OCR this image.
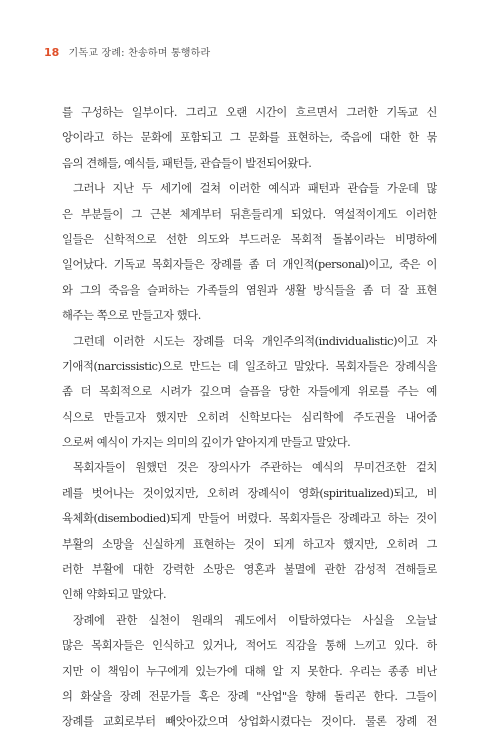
18 기독교 장례: 찬송하며 통행하라
를 구성하는 일부이다. 그리고 오랜 시간이 흐르면서 그러한 기독교 신
앙이라고 하는 문화에 포함되고 그 문화를 표현하는, 죽음에 대한 한 묶
음의 견해들, 예식들, 패턴들, 관습들이 발전되어왔다.
그러나 지난 두 세기에 걸쳐 이러한 예식과 패턴과 관습들 가운데 많
은 부분들이 그 근본 체계부터 뒤흔들리게 되었다. 역설적이게도 이러한
일들은 신학적으로 선한 의도와 부드러운 목회적 돌봄이라는 비명하에
일어났다. 기독교 목회자들은 장례를 좀 더 개인적(personal)이고, 죽은 이
와 그의 죽음을 슬퍼하는 가족들의 염원과 생활 방식들을 좀 더 잘 표현
해주는 쪽으로 만들고자 했다.
그런데 이러한 시도는 장례를 더욱 개인주의적(individualistic)이고 자
기애적(narcissistic)으로 만드는 데 일조하고 말았다. 목회자들은 장례식을
좀 더 목회적으로 시려가 깊으며 슬픔을 당한 자들에게 위로를 주는 예
식으로 만들고자 했지만 오히려 신학보다는 심리학에 주도권을 내어줌
으로써 예식이 가지는 의미의 깊이가 얕아지게 만들고 말았다.
목회자들이 원했던 것은 장의사가 주관하는 예식의 무미건조한 겉치
레를 벗어나는 것이었지만, 오히려 장례식이 영화(spiritualized)되고, 비
육체화(disembodied)되게 만들어 버렸다. 목회자들은 장례라고 하는 것이
부활의 소망을 신실하게 표현하는 것이 되게 하고자 했지만, 오히려 그
러한 부활에 대한 강력한 소망은 영혼과 불멸에 관한 감성적 견해들로
인해 약화되고 말았다.
장례에 관한 실천이 원래의 궤도에서 이탈하였다는 사실을 오늘날
많은 목회자들은 인식하고 있거나, 적어도 직감을 통해 느끼고 있다. 하
지만 이 책임이 누구에게 있는가에 대해 알 지 못한다. 우리는 종종 비난
의 화살을 장례 전문가들 혹은 장례 "산업"을 향해 돌리곤 한다. 그들이
장례를 교회로부터 빼앗아갔으며 상업화시켰다는 것이다. 물론 장례 전
